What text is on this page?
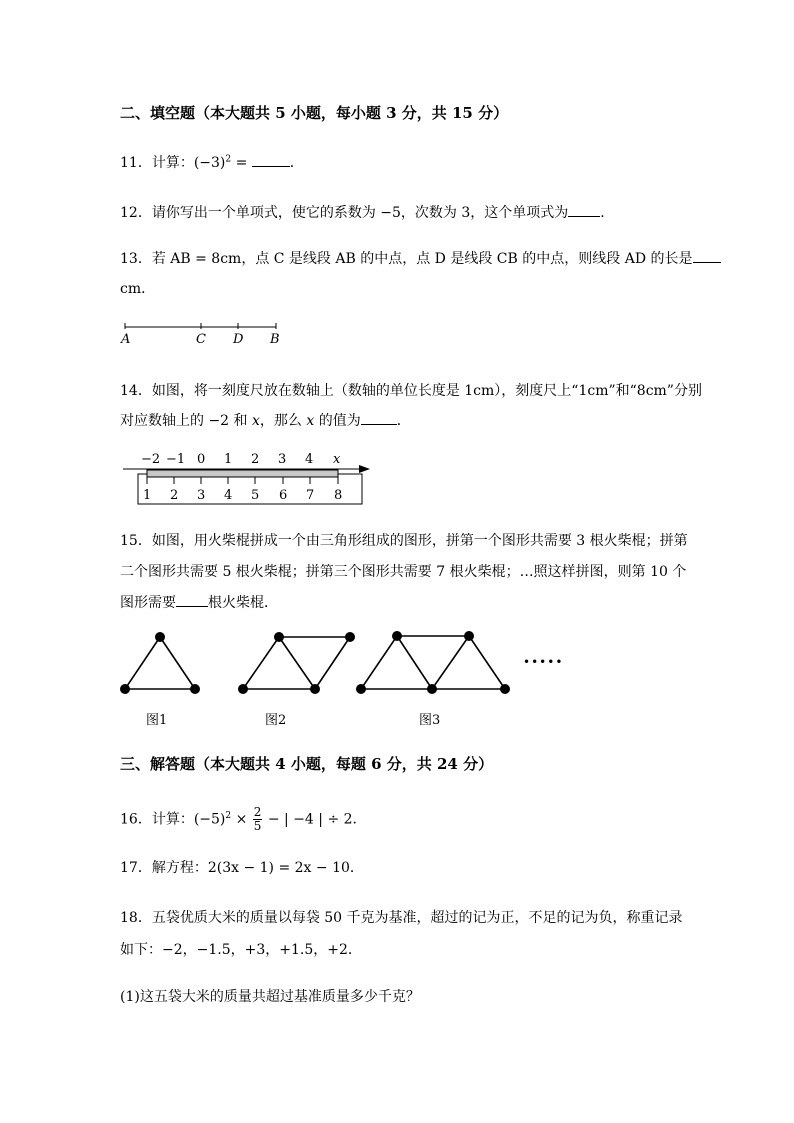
二、填空题（本大题共 5 小题，每小题 3 分，共 15 分）
11．计算：$(-3)^2$ =	．
12．请你写出一个单项式，使它的系数为 −5，次数为 3，这个单项式为 .
13．若 AB = 8cm，点 C 是线段 AB 的中点，点 D 是线段 CB 的中点，则线段 AD 的长是
cm．
A	C D B
14．如图，将一刻度尺放在数轴上（数轴的单位长度是 1cm），刻度尺上“1cm”和“8cm”分别
对应数轴上的 −2 和 x，那么 x 的值为	．
−2 −1 0 1 2 3 4 x
1 2 3 4 5 6 7 8
15．如图，用火柴棍拼成一个由三角形组成的图形，拼第一个图形共需要 3 根火柴棍；拼第
二个图形共需要 5 根火柴棍；拼第三个图形共需要 7 根火柴棍；…照这样拼图，则第 10 个
图形需要 根火柴棍．
•••••
图1	图2	图3
三、解答题（本大题共 4 小题，每题 6 分，共 24 分）
16．计算：$(-5)^2 \times \frac{2}{5}$ − | −4 | ÷ 2．
17．解方程：2(3x − 1) = 2x − 10．
18．五袋优质大米的质量以每袋 50 千克为基准，超过的记为正，不足的记为负，称重记录
如下：−2，−1.5，+3，+1.5，+2．
(1)这五袋大米的质量共超过基准质量多少千克？
